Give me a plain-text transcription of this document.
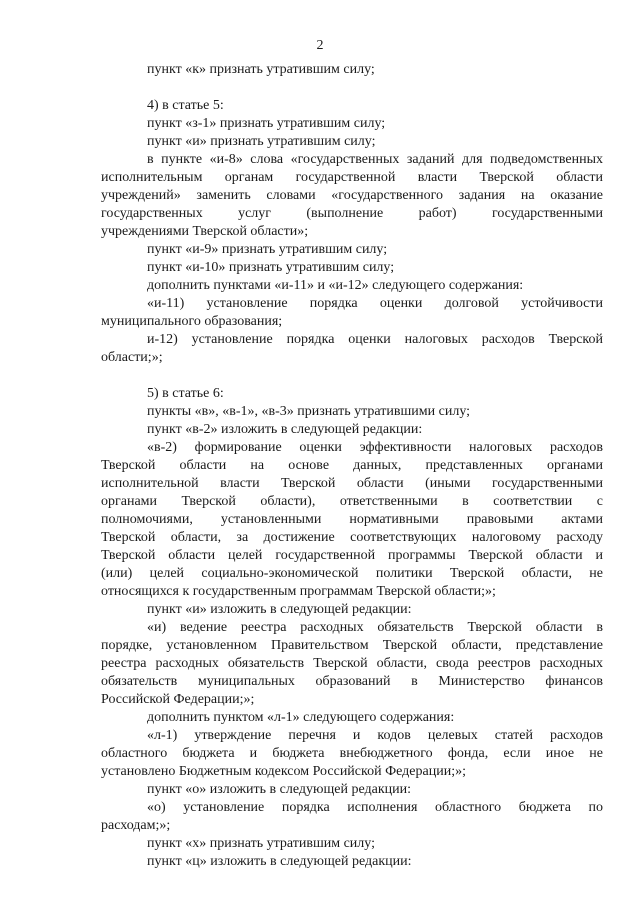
2
пункт «к» признать утратившим силу;
4) в статье 5:
пункт «з-1» признать утратившим силу;
пункт «и» признать утратившим силу;
в пункте «и-8» слова «государственных заданий для подведомственных
исполнительным органам государственной власти Тверской области
учреждений» заменить словами «государственного задания на оказание
государственных услуг (выполнение работ) государственными
учреждениями Тверской области»;
пункт «и-9» признать утратившим силу;
пункт «и-10» признать утратившим силу;
дополнить пунктами «и-11» и «и-12» следующего содержания:
«и-11) установление порядка оценки долговой устойчивости
муниципального образования;
и-12) установление порядка оценки налоговых расходов Тверской
области;»;
5) в статье 6:
пункты «в», «в-1», «в-3» признать утратившими силу;
пункт «в-2» изложить в следующей редакции:
«в-2) формирование оценки эффективности налоговых расходов
Тверской области на основе данных, представленных органами
исполнительной власти Тверской области (иными государственными
органами Тверской области), ответственными в соответствии с
полномочиями, установленными нормативными правовыми актами
Тверской области, за достижение соответствующих налоговому расходу
Тверской области целей государственной программы Тверской области и
(или) целей социально-экономической политики Тверской области, не
относящихся к государственным программам Тверской области;»;
пункт «и» изложить в следующей редакции:
«и) ведение реестра расходных обязательств Тверской области в
порядке, установленном Правительством Тверской области, представление
реестра расходных обязательств Тверской области, свода реестров расходных
обязательств муниципальных образований в Министерство финансов
Российской Федерации;»;
дополнить пунктом «л-1» следующего содержания:
«л-1) утверждение перечня и кодов целевых статей расходов
областного бюджета и бюджета внебюджетного фонда, если иное не
установлено Бюджетным кодексом Российской Федерации;»;
пункт «о» изложить в следующей редакции:
«о) установление порядка исполнения областного бюджета по
расходам;»;
пункт «х» признать утратившим силу;
пункт «ц» изложить в следующей редакции:
